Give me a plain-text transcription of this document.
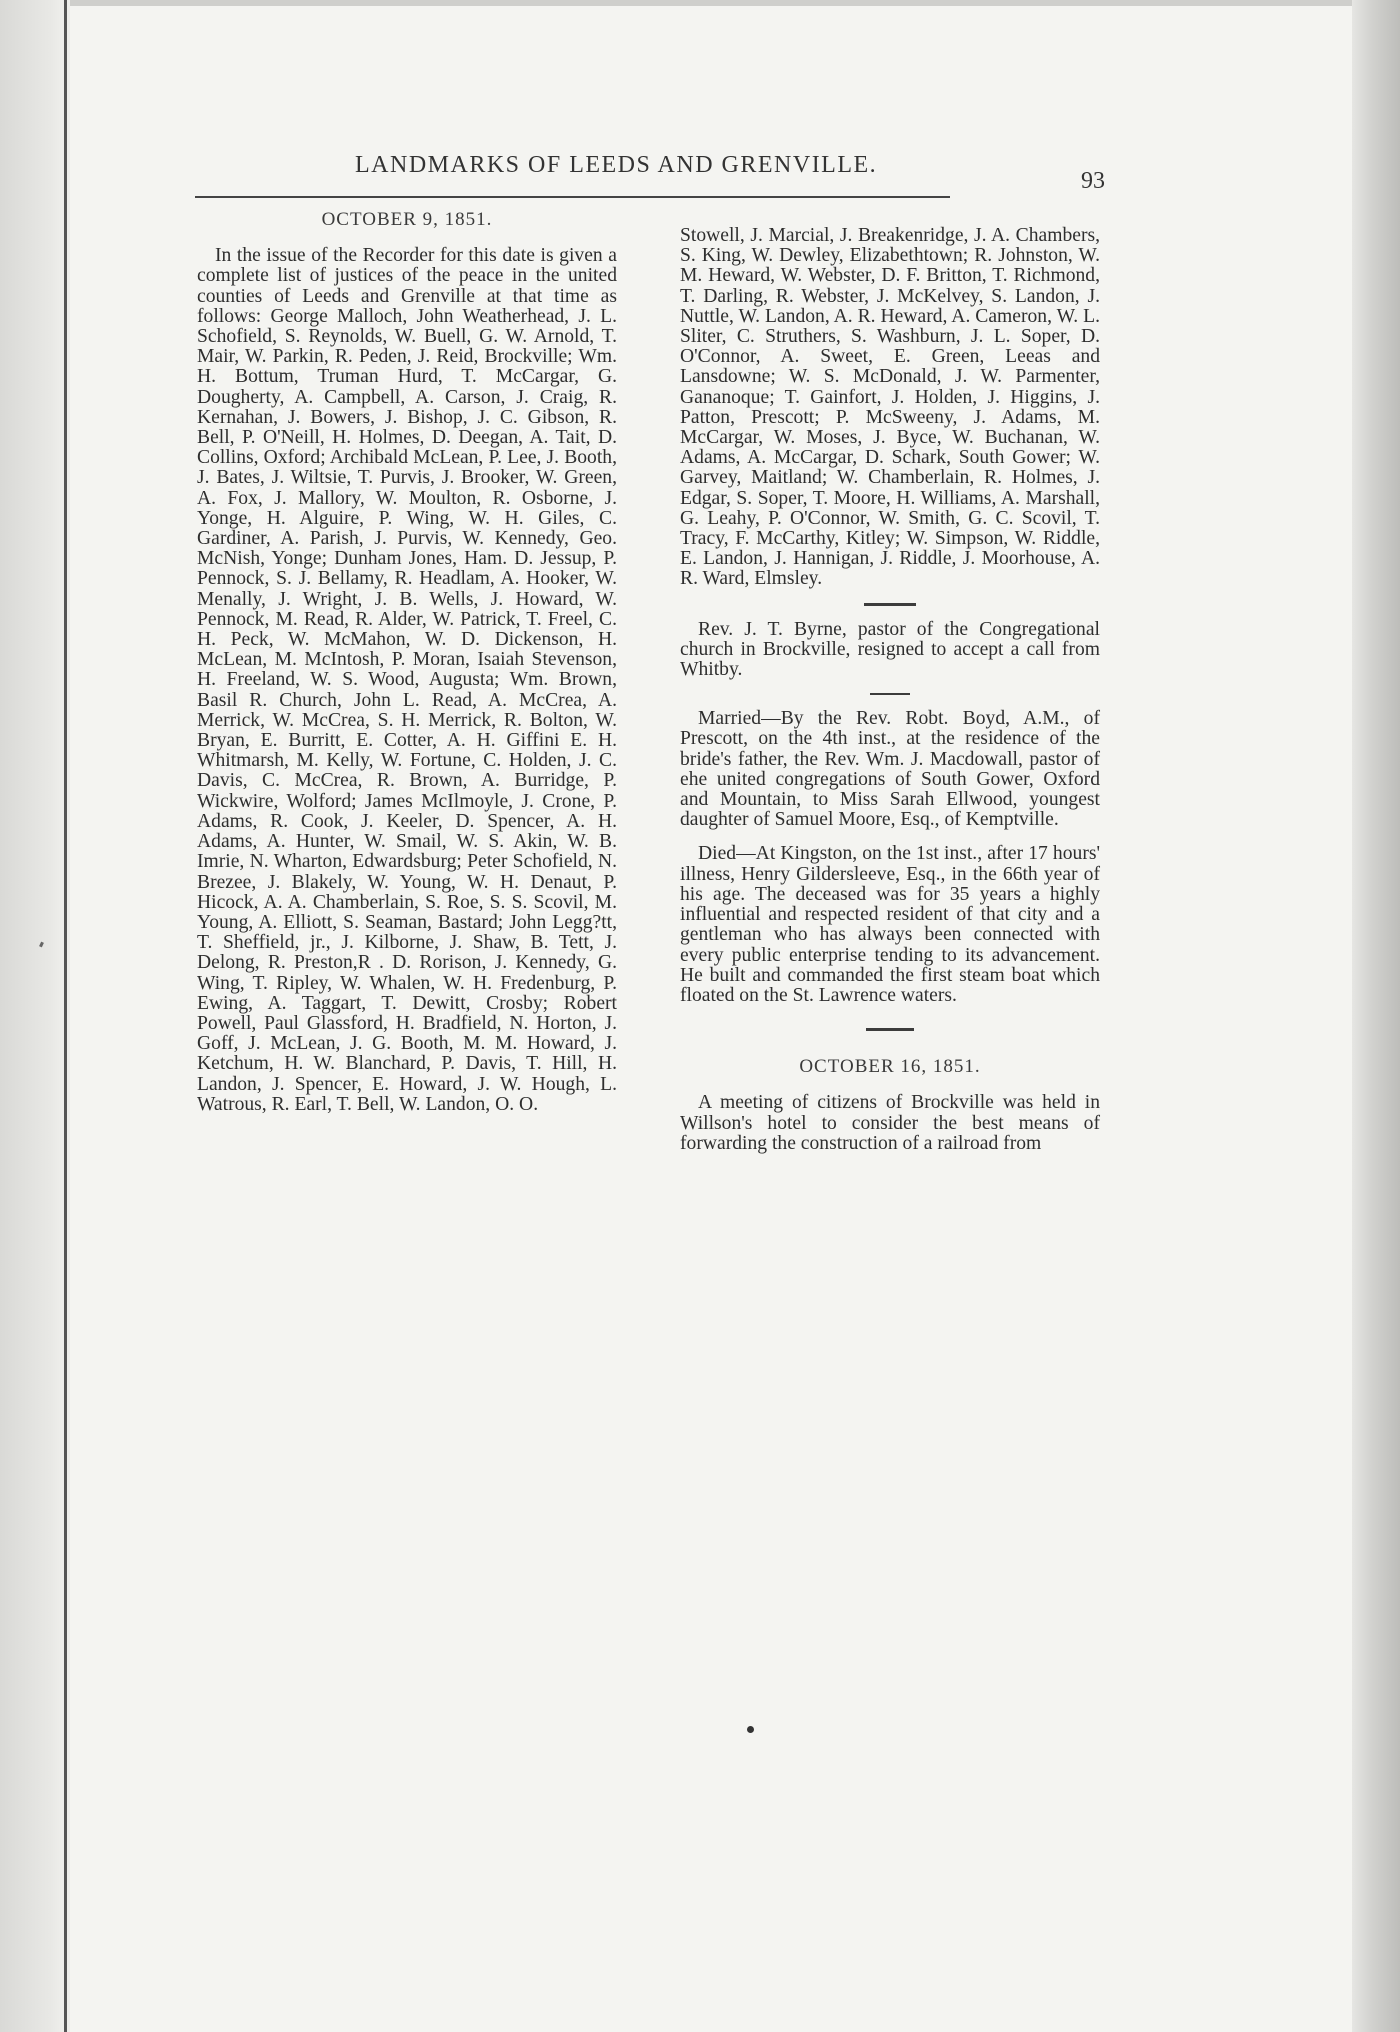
LANDMARKS OF LEEDS AND GRENVILLE.
93
OCTOBER 9, 1851.

In the issue of the Recorder for this date is given a complete list of justices of the peace in the united counties of Leeds and Grenville at that time as follows: George Malloch, John Weatherhead, J. L. Schofield, S. Reynolds, W. Buell, G. W. Arnold, T. Mair, W. Parkin, R. Peden, J. Reid, Brockville; Wm. H. Bottum, Truman Hurd, T. McCargar, G. Dougherty, A. Campbell, A. Carson, J. Craig, R. Kernahan, J. Bowers, J. Bishop, J. C. Gibson, R. Bell, P. O'Neill, H. Holmes, D. Deegan, A. Tait, D. Collins, Oxford; Archibald McLean, P. Lee, J. Booth, J. Bates, J. Wiltsie, T. Purvis, J. Brooker, W. Green, A. Fox, J. Mallory, W. Moulton, R. Osborne, J. Yonge, H. Alguire, P. Wing, W. H. Giles, C. Gardiner, A. Parish, J. Purvis, W. Kennedy, Geo. McNish, Yonge; Dunham Jones, Ham. D. Jessup, P. Pennock, S. J. Bellamy, R. Headlam, A. Hooker, W. Menally, J. Wright, J. B. Wells, J. Howard, W. Pennock, M. Read, R. Alder, W. Patrick, T. Freel, C. H. Peck, W. McMahon, W. D. Dickenson, H. McLean, M. McIntosh, P. Moran, Isaiah Stevenson, H. Freeland, W. S. Wood, Augusta; Wm. Brown, Basil R. Church, John L. Read, A. McCrea, A. Merrick, W. McCrea, S. H. Merrick, R. Bolton, W. Bryan, E. Burritt, E. Cotter, A. H. Giffini E. H. Whitmarsh, M. Kelly, W. Fortune, C. Holden, J. C. Davis, C. McCrea, R. Brown, A. Burridge, P. Wickwire, Wolford; James McIlmoyle, J. Crone, P. Adams, R. Cook, J. Keeler, D. Spencer, A. H. Adams, A. Hunter, W. Smail, W. S. Akin, W. B. Imrie, N. Wharton, Edwardsburg; Peter Schofield, N. Brezee, J. Blakely, W. Young, W. H. Denaut, P. Hicock, A. A. Chamberlain, S. Roe, S. S. Scovil, M. Young, A. Elliott, S. Seaman, Bastard; John Legg?tt, T. Sheffield, jr., J. Kilborne, J. Shaw, B. Tett, J. Delong, R. Preston,R . D. Rorison, J. Kennedy, G. Wing, T. Ripley, W. Whalen, W. H. Fredenburg, P. Ewing, A. Taggart, T. Dewitt, Crosby; Robert Powell, Paul Glassford, H. Bradfield, N. Horton, J. Goff, J. McLean, J. G. Booth, M. M. Howard, J. Ketchum, H. W. Blanchard, P. Davis, T. Hill, H. Landon, J. Spencer, E. Howard, J. W. Hough, L. Watrous, R. Earl, T. Bell, W. Landon, O. O.

Stowell, J. Marcial, J. Breakenridge, J. A. Chambers, S. King, W. Dewley, Elizabethtown; R. Johnston, W. M. Heward, W. Webster, D. F. Britton, T. Richmond, T. Darling, R. Webster, J. McKelvey, S. Landon, J. Nuttle, W. Landon, A. R. Heward, A. Cameron, W. L. Sliter, C. Struthers, S. Washburn, J. L. Soper, D. O'Connor, A. Sweet, E. Green, Leeas and Lansdowne; W. S. McDonald, J. W. Parmenter, Gananoque; T. Gainfort, J. Holden, J. Higgins, J. Patton, Prescott; P. McSweeny, J. Adams, M. McCargar, W. Moses, J. Byce, W. Buchanan, W. Adams, A. McCargar, D. Schark, South Gower; W. Garvey, Maitland; W. Chamberlain, R. Holmes, J. Edgar, S. Soper, T. Moore, H. Williams, A. Marshall, G. Leahy, P. O'Connor, W. Smith, G. C. Scovil, T. Tracy, F. McCarthy, Kitley; W. Simpson, W. Riddle, E. Landon, J. Hannigan, J. Riddle, J. Moorhouse, A. R. Ward, Elmsley.

Rev. J. T. Byrne, pastor of the Congregational church in Brockville, resigned to accept a call from Whitby.

Married—By the Rev. Robt. Boyd, A.M., of Prescott, on the 4th inst., at the residence of the bride's father, the Rev. Wm. J. Macdowall, pastor of ehe united congregations of South Gower, Oxford and Mountain, to Miss Sarah Ellwood, youngest daughter of Samuel Moore, Esq., of Kemptville.

Died—At Kingston, on the 1st inst., after 17 hours' illness, Henry Gildersleeve, Esq., in the 66th year of his age. The deceased was for 35 years a highly influential and respected resident of that city and a gentleman who has always been connected with every public enterprise tending to its advancement. He built and commanded the first steam boat which floated on the St. Lawrence waters.

OCTOBER 16, 1851.

A meeting of citizens of Brockville was held in Willson's hotel to consider the best means of forwarding the construction of a railroad from
